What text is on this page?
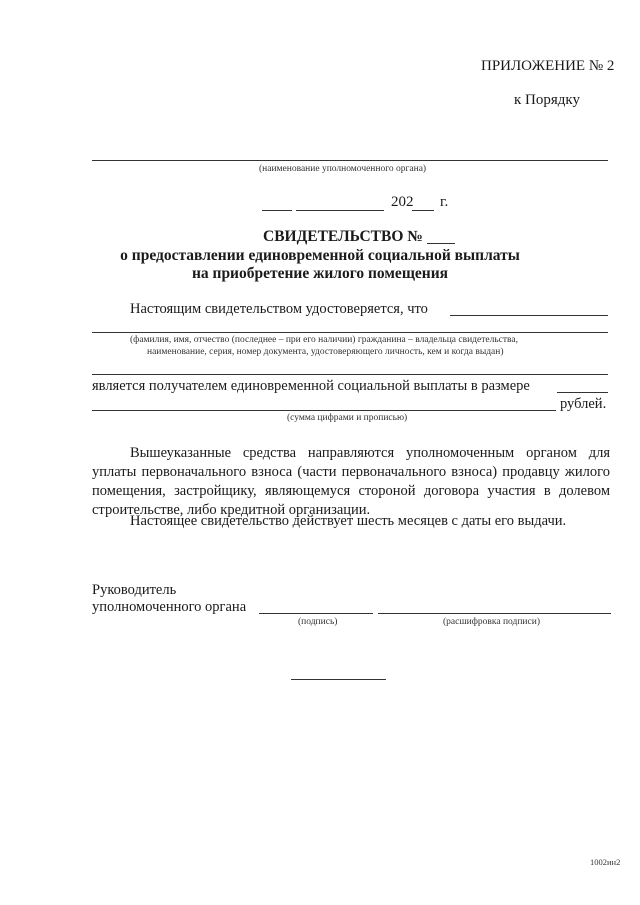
ПРИЛОЖЕНИЕ № 2
к Порядку
(наименование уполномоченного органа)
202 г.
СВИДЕТЕЛЬСТВО №
о предоставлении единовременной социальной выплаты
на приобретение жилого помещения
Настоящим свидетельством удостоверяется, что
(фамилия, имя, отчество (последнее – при его наличии) гражданина – владельца свидетельства,
наименование, серия, номер документа, удостоверяющего личность, кем и когда выдан)
является получателем единовременной социальной выплаты в размере
рублей.
(сумма цифрами и прописью)
Вышеуказанные средства направляются уполномоченным органом для уплаты первоначального взноса (части первоначального взноса) продавцу жилого помещения, застройщику, являющемуся стороной договора участия в долевом строительстве, либо кредитной организации.
Настоящее свидетельство действует шесть месяцев с даты его выдачи.
Руководитель
уполномоченного органа
(подпись)	(расшифровка подписи)
1002ин2
